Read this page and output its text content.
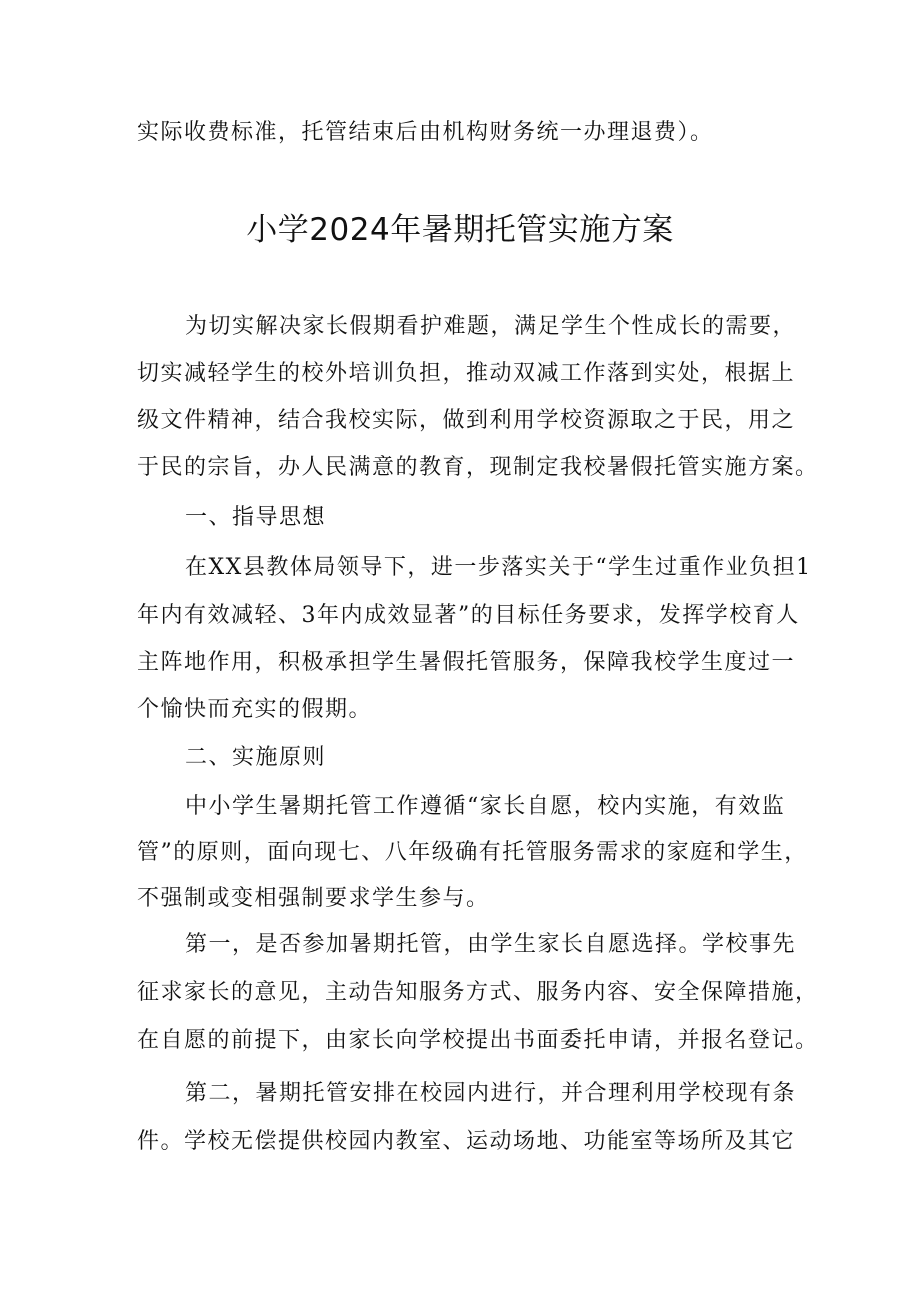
实际收费标准，托管结束后由机构财务统一办理退费）。
小学2024年暑期托管实施方案
为切实解决家长假期看护难题，满足学生个性成长的需要，
切实减轻学生的校外培训负担，推动双减工作落到实处，根据上
级文件精神，结合我校实际，做到利用学校资源取之于民，用之
于民的宗旨，办人民满意的教育，现制定我校暑假托管实施方案。
一、指导思想
在XX县教体局领导下，进一步落实关于“学生过重作业负担1
年内有效减轻、3年内成效显著”的目标任务要求，发挥学校育人
主阵地作用，积极承担学生暑假托管服务，保障我校学生度过一
个愉快而充实的假期。
二、实施原则
中小学生暑期托管工作遵循“家长自愿，校内实施，有效监
管”的原则，面向现七、八年级确有托管服务需求的家庭和学生，
不强制或变相强制要求学生参与。
第一，是否参加暑期托管，由学生家长自愿选择。学校事先
征求家长的意见，主动告知服务方式、服务内容、安全保障措施，
在自愿的前提下，由家长向学校提出书面委托申请，并报名登记。
第二，暑期托管安排在校园内进行，并合理利用学校现有条
件。学校无偿提供校园内教室、运动场地、功能室等场所及其它
